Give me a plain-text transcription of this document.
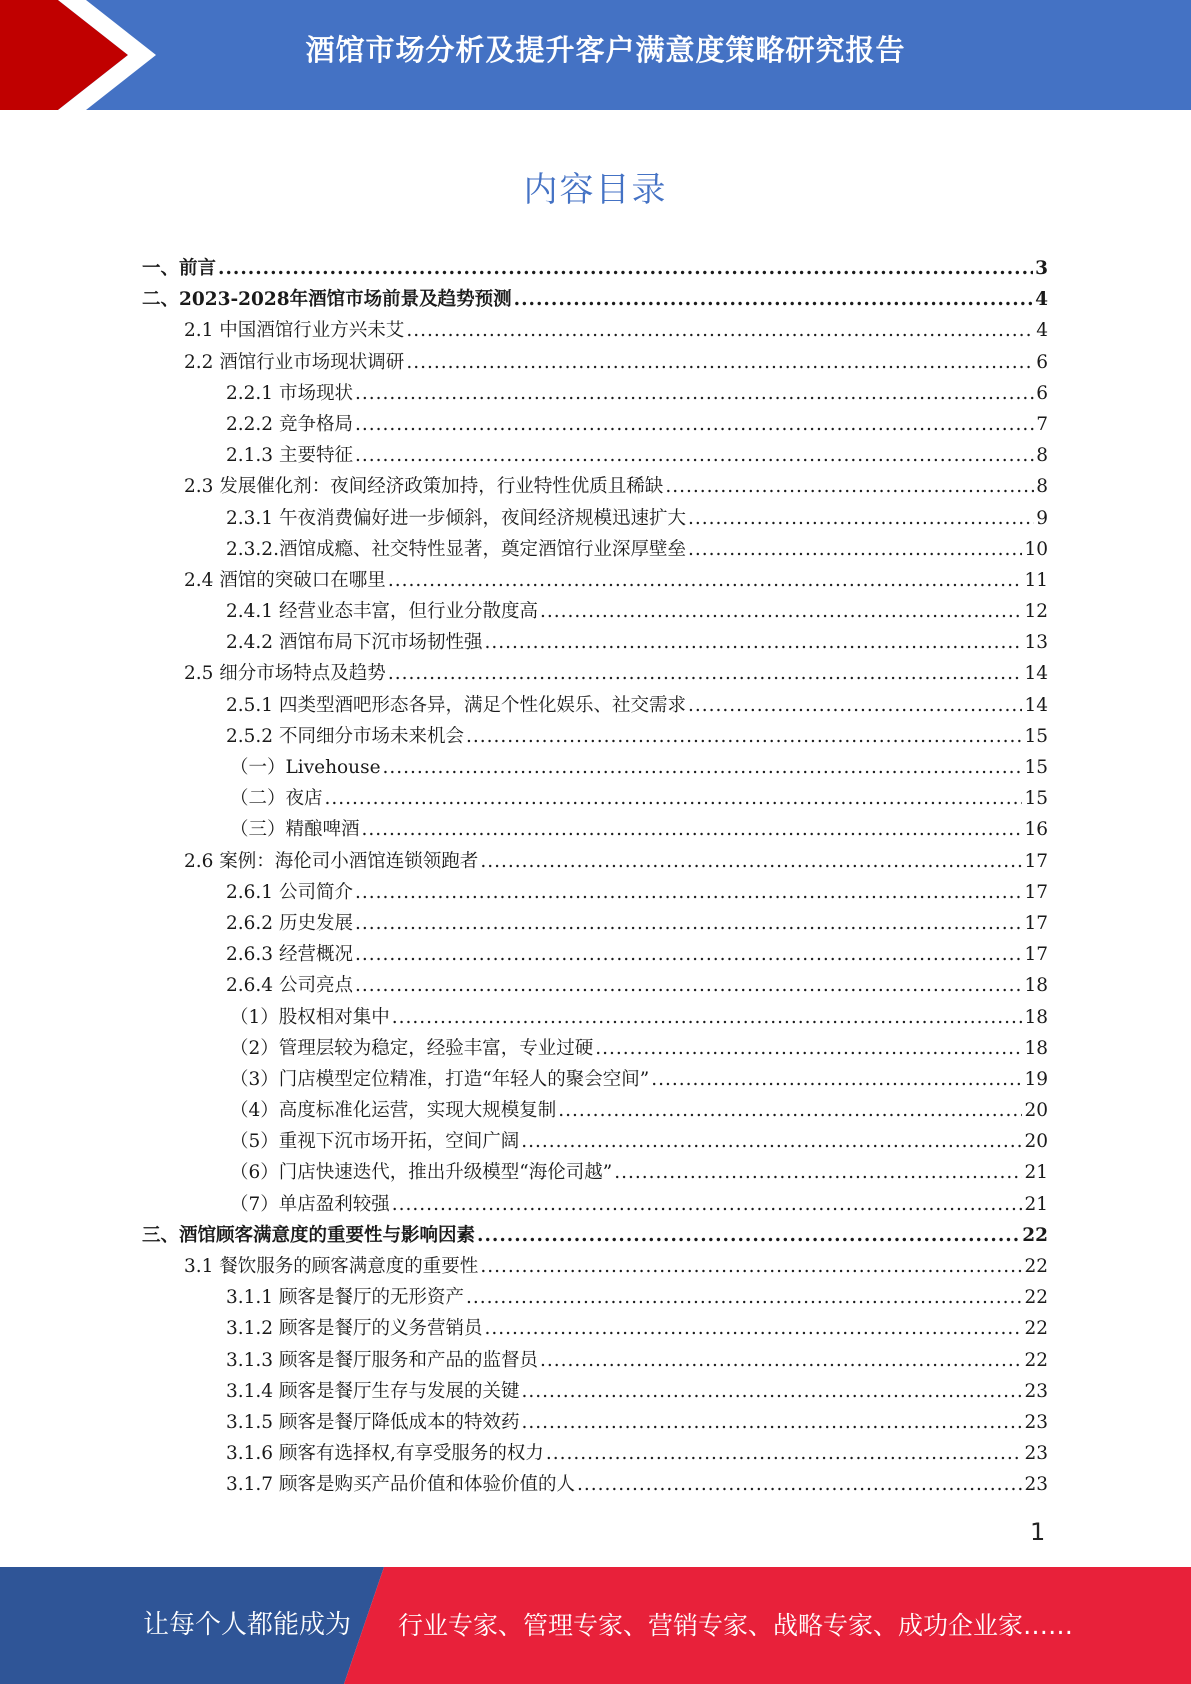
酒馆市场分析及提升客户满意度策略研究报告
内容目录
一、前言 .....	3
二、2023-2028年酒馆市场前景及趋势预测 .....	4
2.1 中国酒馆行业方兴未艾 .....	4
2.2 酒馆行业市场现状调研 .....	6
2.2.1 市场现状 .....	6
2.2.2 竞争格局 .....	7
2.1.3 主要特征 .....	8
2.3 发展催化剂：夜间经济政策加持，行业特性优质且稀缺 .....	8
2.3.1 午夜消费偏好进一步倾斜，夜间经济规模迅速扩大 .....	9
2.3.2.酒馆成瘾、社交特性显著，奠定酒馆行业深厚壁垒 .....	10
2.4 酒馆的突破口在哪里 .....	11
2.4.1 经营业态丰富，但行业分散度高 .....	12
2.4.2 酒馆布局下沉市场韧性强 .....	13
2.5 细分市场特点及趋势 .....	14
2.5.1 四类型酒吧形态各异，满足个性化娱乐、社交需求 .....	14
2.5.2 不同细分市场未来机会 .....	15
（一）Livehouse .....	15
（二）夜店 .....	15
（三）精酿啤酒 .....	16
2.6 案例：海伦司小酒馆连锁领跑者 .....	17
2.6.1 公司简介 .....	17
2.6.2 历史发展 .....	17
2.6.3 经营概况 .....	17
2.6.4 公司亮点 .....	18
（1）股权相对集中 .....	18
（2）管理层较为稳定，经验丰富，专业过硬 .....	18
（3）门店模型定位精准，打造“年轻人的聚会空间” .....	19
（4）高度标准化运营，实现大规模复制 .....	20
（5）重视下沉市场开拓，空间广阔 .....	20
（6）门店快速迭代，推出升级模型“海伦司越” .....	21
（7）单店盈利较强 .....	21
三、酒馆顾客满意度的重要性与影响因素 .....	22
3.1 餐饮服务的顾客满意度的重要性 .....	22
3.1.1 顾客是餐厅的无形资产 .....	22
3.1.2 顾客是餐厅的义务营销员 .....	22
3.1.3 顾客是餐厅服务和产品的监督员 .....	22
3.1.4 顾客是餐厅生存与发展的关键 .....	23
3.1.5 顾客是餐厅降低成本的特效药 .....	23
3.1.6 顾客有选择权,有享受服务的权力 .....	23
3.1.7 顾客是购买产品价值和体验价值的人 .....	23
1
让每个人都能成为 行业专家、管理专家、营销专家、战略专家、成功企业家……
